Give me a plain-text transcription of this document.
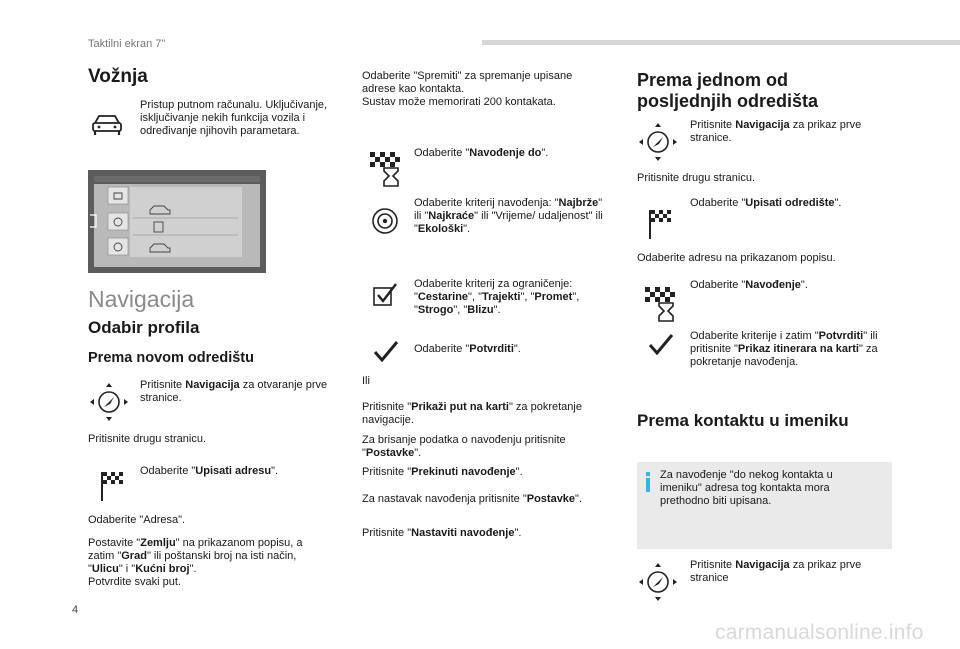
Taktilni ekran 7"
Vožnja
Pristup putnom računalu. Uključivanje, isključivanje nekih funkcija vozila i određivanje njihovih parametara.
Navigacija
Odabir profila
Prema novom odredištu
Pritisnite Navigacija za otvaranje prve stranice.
Pritisnite drugu stranicu.
Odaberite "Upisati adresu".
Odaberite "Adresa".
Postavite "Zemlju" na prikazanom popisu, a zatim "Grad" ili poštanski broj na isti način, "Ulicu" i "Kućni broj".
Potvrdite svaki put.
4
Odaberite "Spremiti" za spremanje upisane adrese kao kontakta.
Sustav može memorirati 200 kontakata.
Odaberite "Navođenje do".
Odaberite kriterij navođenja: "Najbrže" ili "Najkraće" ili "Vrijeme/ udaljenost" ili "Ekološki".
Odaberite kriterij za ograničenje: "Cestarine", "Trajekti", "Promet", "Strogo", "Blizu".
Odaberite "Potvrditi".
Ili
Pritisnite "Prikaži put na karti" za pokretanje navigacije.
Za brisanje podatka o navođenju pritisnite "Postavke".
Pritisnite "Prekinuti navođenje".
Za nastavak navođenja pritisnite "Postavke".
Pritisnite "Nastaviti navođenje".
Prema jednom od posljednjih odredišta
Pritisnite Navigacija za prikaz prve stranice.
Pritisnite drugu stranicu.
Odaberite "Upisati odredište".
Odaberite adresu na prikazanom popisu.
Odaberite "Navođenje".
Odaberite kriterije i zatim "Potvrditi" ili pritisnite "Prikaz itinerara na karti" za pokretanje navođenja.
Prema kontaktu u imeniku
Za navođenje "do nekog kontakta u imeniku" adresa tog kontakta mora prethodno biti upisana.
Pritisnite Navigacija za prikaz prve stranice
carmanualsonline.info
